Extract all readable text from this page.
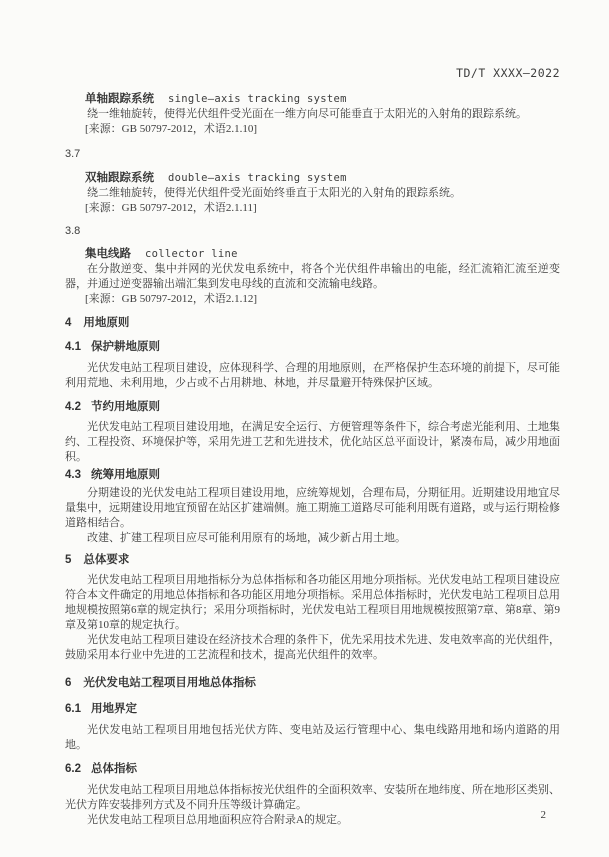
TD/T XXXX—2022
单轴跟踪系统 single—axis tracking system

绕一维轴旋转，使得光伏组件受光面在一维方向尽可能垂直于太阳光的入射角的跟踪系统。

[来源：GB 50797-2012，术语2.1.10]

3.7
双轴跟踪系统 double—axis tracking system

绕二维轴旋转，使得光伏组件受光面始终垂直于太阳光的入射角的跟踪系统。

[来源：GB 50797-2012，术语2.1.11]

3.8
集电线路 collector line

在分散逆变、集中并网的光伏发电系统中，将各个光伏组件串输出的电能，经汇流箱汇流至逆变器，并通过逆变器输出端汇集到发电母线的直流和交流输电线路。

[来源：GB 50797-2012，术语2.1.12]

4 用地原则
4.1 保护耕地原则

光伏发电站工程项目建设，应体现科学、合理的用地原则，在严格保护生态环境的前提下，尽可能利用荒地、未利用地，少占或不占用耕地、林地，并尽量避开特殊保护区域。

4.2 节约用地原则

光伏发电站工程项目建设用地，在满足安全运行、方便管理等条件下，综合考虑光能利用、土地集约、工程投资、环境保护等，采用先进工艺和先进技术，优化站区总平面设计，紧凑布局，减少用地面积。

4.3 统筹用地原则

分期建设的光伏发电站工程项目建设用地，应统筹规划，合理布局，分期征用。近期建设用地宜尽量集中，远期建设用地宜预留在站区扩建端侧。施工期施工道路尽可能利用既有道路，或与运行期检修道路相结合。

改建、扩建工程项目应尽可能利用原有的场地，减少新占用土地。

5 总体要求

光伏发电站工程项目用地指标分为总体指标和各功能区用地分项指标。光伏发电站工程项目建设应符合本文件确定的用地总体指标和各功能区用地分项指标。采用总体指标时，光伏发电站工程项目总用地规模按照第6章的规定执行；采用分项指标时，光伏发电站工程项目用地规模按照第7章、第8章、第9章及第10章的规定执行。

光伏发电站工程项目建设在经济技术合理的条件下，优先采用技术先进、发电效率高的光伏组件，鼓励采用本行业中先进的工艺流程和技术，提高光伏组件的效率。

6 光伏发电站工程项目用地总体指标
6.1 用地界定

光伏发电站工程项目用地包括光伏方阵、变电站及运行管理中心、集电线路用地和场内道路的用地。

6.2 总体指标

光伏发电站工程项目用地总体指标按光伏组件的全面积效率、安装所在地纬度、所在地形区类别、光伏方阵安装排列方式及不同升压等级计算确定。

光伏发电站工程项目总用地面积应符合附录A的规定。	2
